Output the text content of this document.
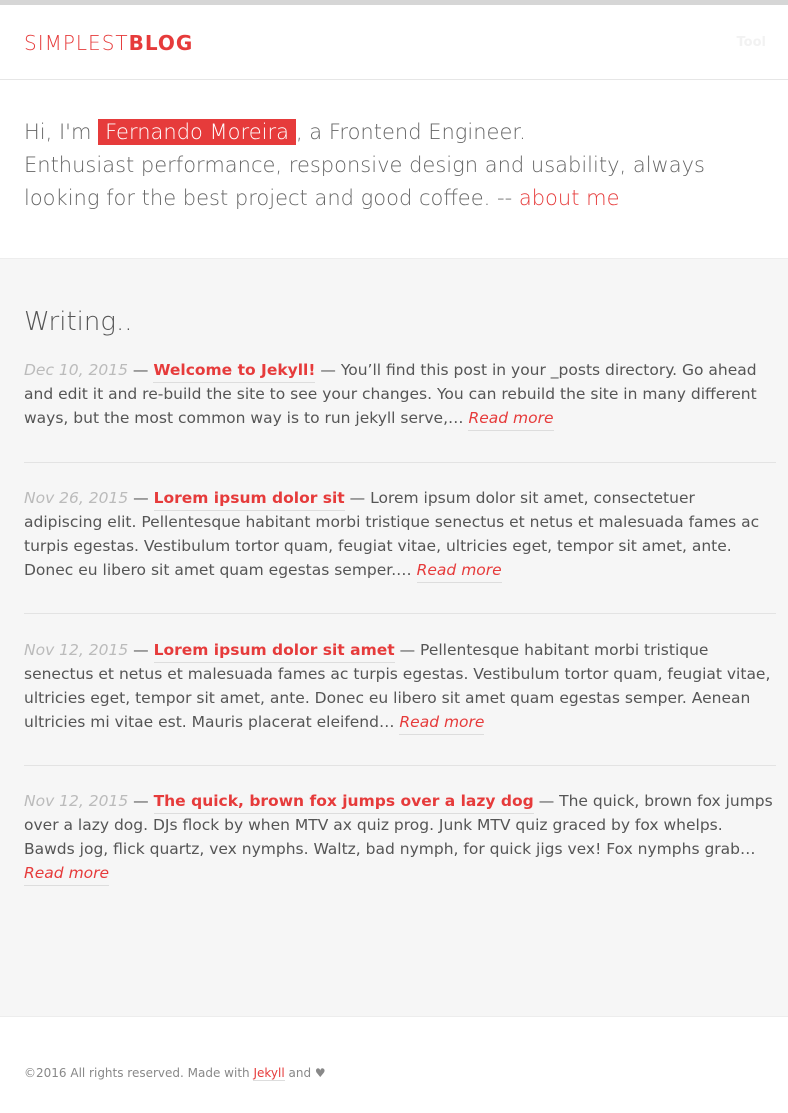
SIMPLESTBLOG	Tool
Hi, I'm Fernando Moreira , a Frontend Engineer.
Enthusiast performance, responsive design and usability, always looking for the best project and good coffee. -- about me
Writing..
Dec 10, 2015 — Welcome to Jekyll! — You’ll find this post in your _posts directory. Go ahead and edit it and re-build the site to see your changes. You can rebuild the site in many different ways, but the most common way is to run jekyll serve,… Read more
Nov 26, 2015 — Lorem ipsum dolor sit — Lorem ipsum dolor sit amet, consectetuer adipiscing elit. Pellentesque habitant morbi tristique senectus et netus et malesuada fames ac turpis egestas. Vestibulum tortor quam, feugiat vitae, ultricies eget, tempor sit amet, ante. Donec eu libero sit amet quam egestas semper.… Read more
Nov 12, 2015 — Lorem ipsum dolor sit amet — Pellentesque habitant morbi tristique senectus et netus et malesuada fames ac turpis egestas. Vestibulum tortor quam, feugiat vitae, ultricies eget, tempor sit amet, ante. Donec eu libero sit amet quam egestas semper. Aenean ultricies mi vitae est. Mauris placerat eleifend… Read more
Nov 12, 2015 — The quick, brown fox jumps over a lazy dog — The quick, brown fox jumps over a lazy dog. DJs flock by when MTV ax quiz prog. Junk MTV quiz graced by fox whelps. Bawds jog, flick quartz, vex nymphs. Waltz, bad nymph, for quick jigs vex! Fox nymphs grab… Read more
©2016 All rights reserved. Made with Jekyll and ♥
